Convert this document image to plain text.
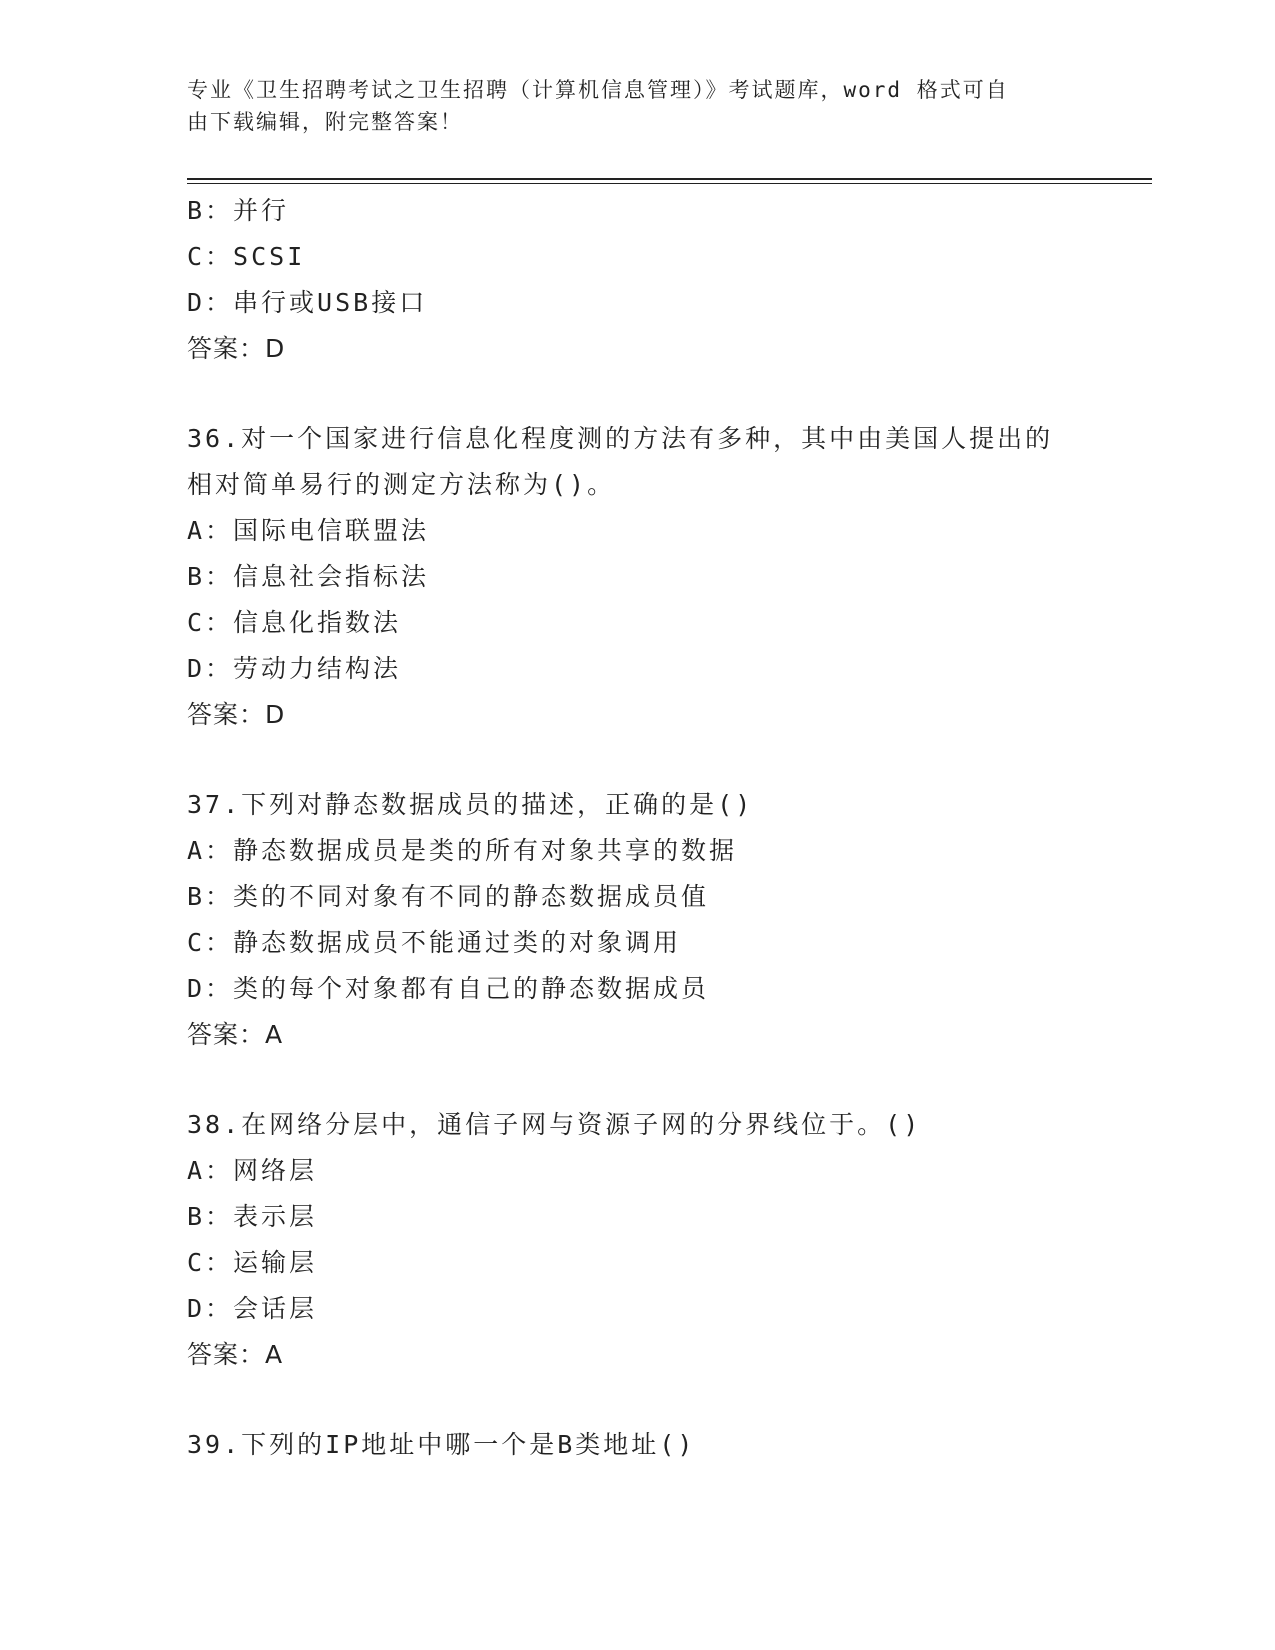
专业《卫生招聘考试之卫生招聘（计算机信息管理）》考试题库，word 格式可自
由下载编辑，附完整答案！
B：并行
C：SCSI
D：串行或USB接口
答案：D
36.对一个国家进行信息化程度测的方法有多种，其中由美国人提出的
相对简单易行的测定方法称为()。
A：国际电信联盟法
B：信息社会指标法
C：信息化指数法
D：劳动力结构法
答案：D
37.下列对静态数据成员的描述，正确的是()
A：静态数据成员是类的所有对象共享的数据
B：类的不同对象有不同的静态数据成员值
C：静态数据成员不能通过类的对象调用
D：类的每个对象都有自己的静态数据成员
答案：A
38.在网络分层中，通信子网与资源子网的分界线位于。()
A：网络层
B：表示层
C：运输层
D：会话层
答案：A
39.下列的IP地址中哪一个是B类地址()
